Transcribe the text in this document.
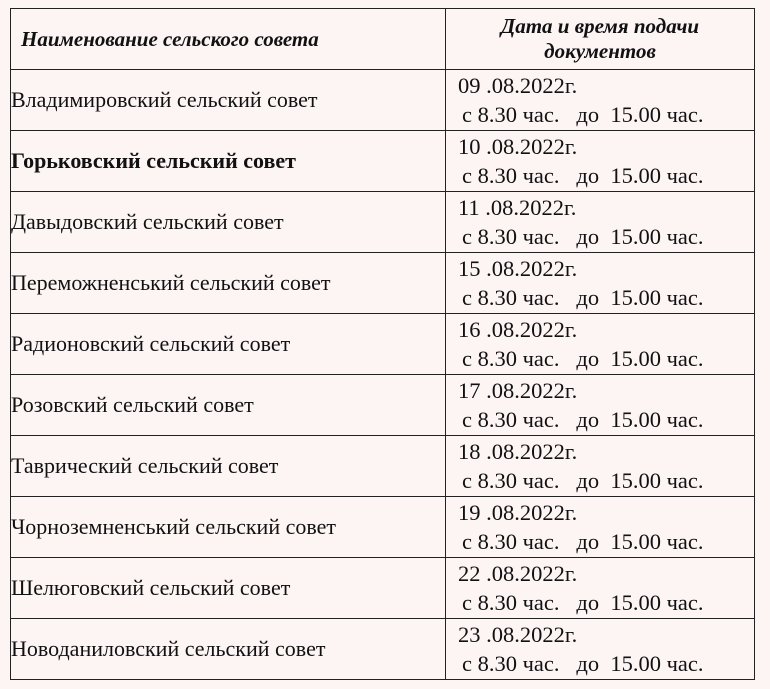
Наименование сельского совета	Дата и время подачи документов
Владимировский сельский совет	09 .08.2022г.
с 8.30 час.   до  15.00 час.

Горьковский сельский совет	10 .08.2022г.
с 8.30 час.   до  15.00 час.

Давыдовский сельский совет	11 .08.2022г.
с 8.30 час.   до  15.00 час.

Переможненський сельский совет	15 .08.2022г.
с 8.30 час.   до  15.00 час.

Радионовский сельский совет	16 .08.2022г.
с 8.30 час.   до  15.00 час.

Розовский сельский совет	17 .08.2022г.
с 8.30 час.   до  15.00 час.

Таврический сельский совет	18 .08.2022г.
с 8.30 час.   до  15.00 час.

Чорноземненський сельский совет	19 .08.2022г.
с 8.30 час.   до  15.00 час.

Шелюговский сельский совет	22 .08.2022г.
с 8.30 час.   до  15.00 час.

Новоданиловский сельский совет	23 .08.2022г.
с 8.30 час.   до  15.00 час.
